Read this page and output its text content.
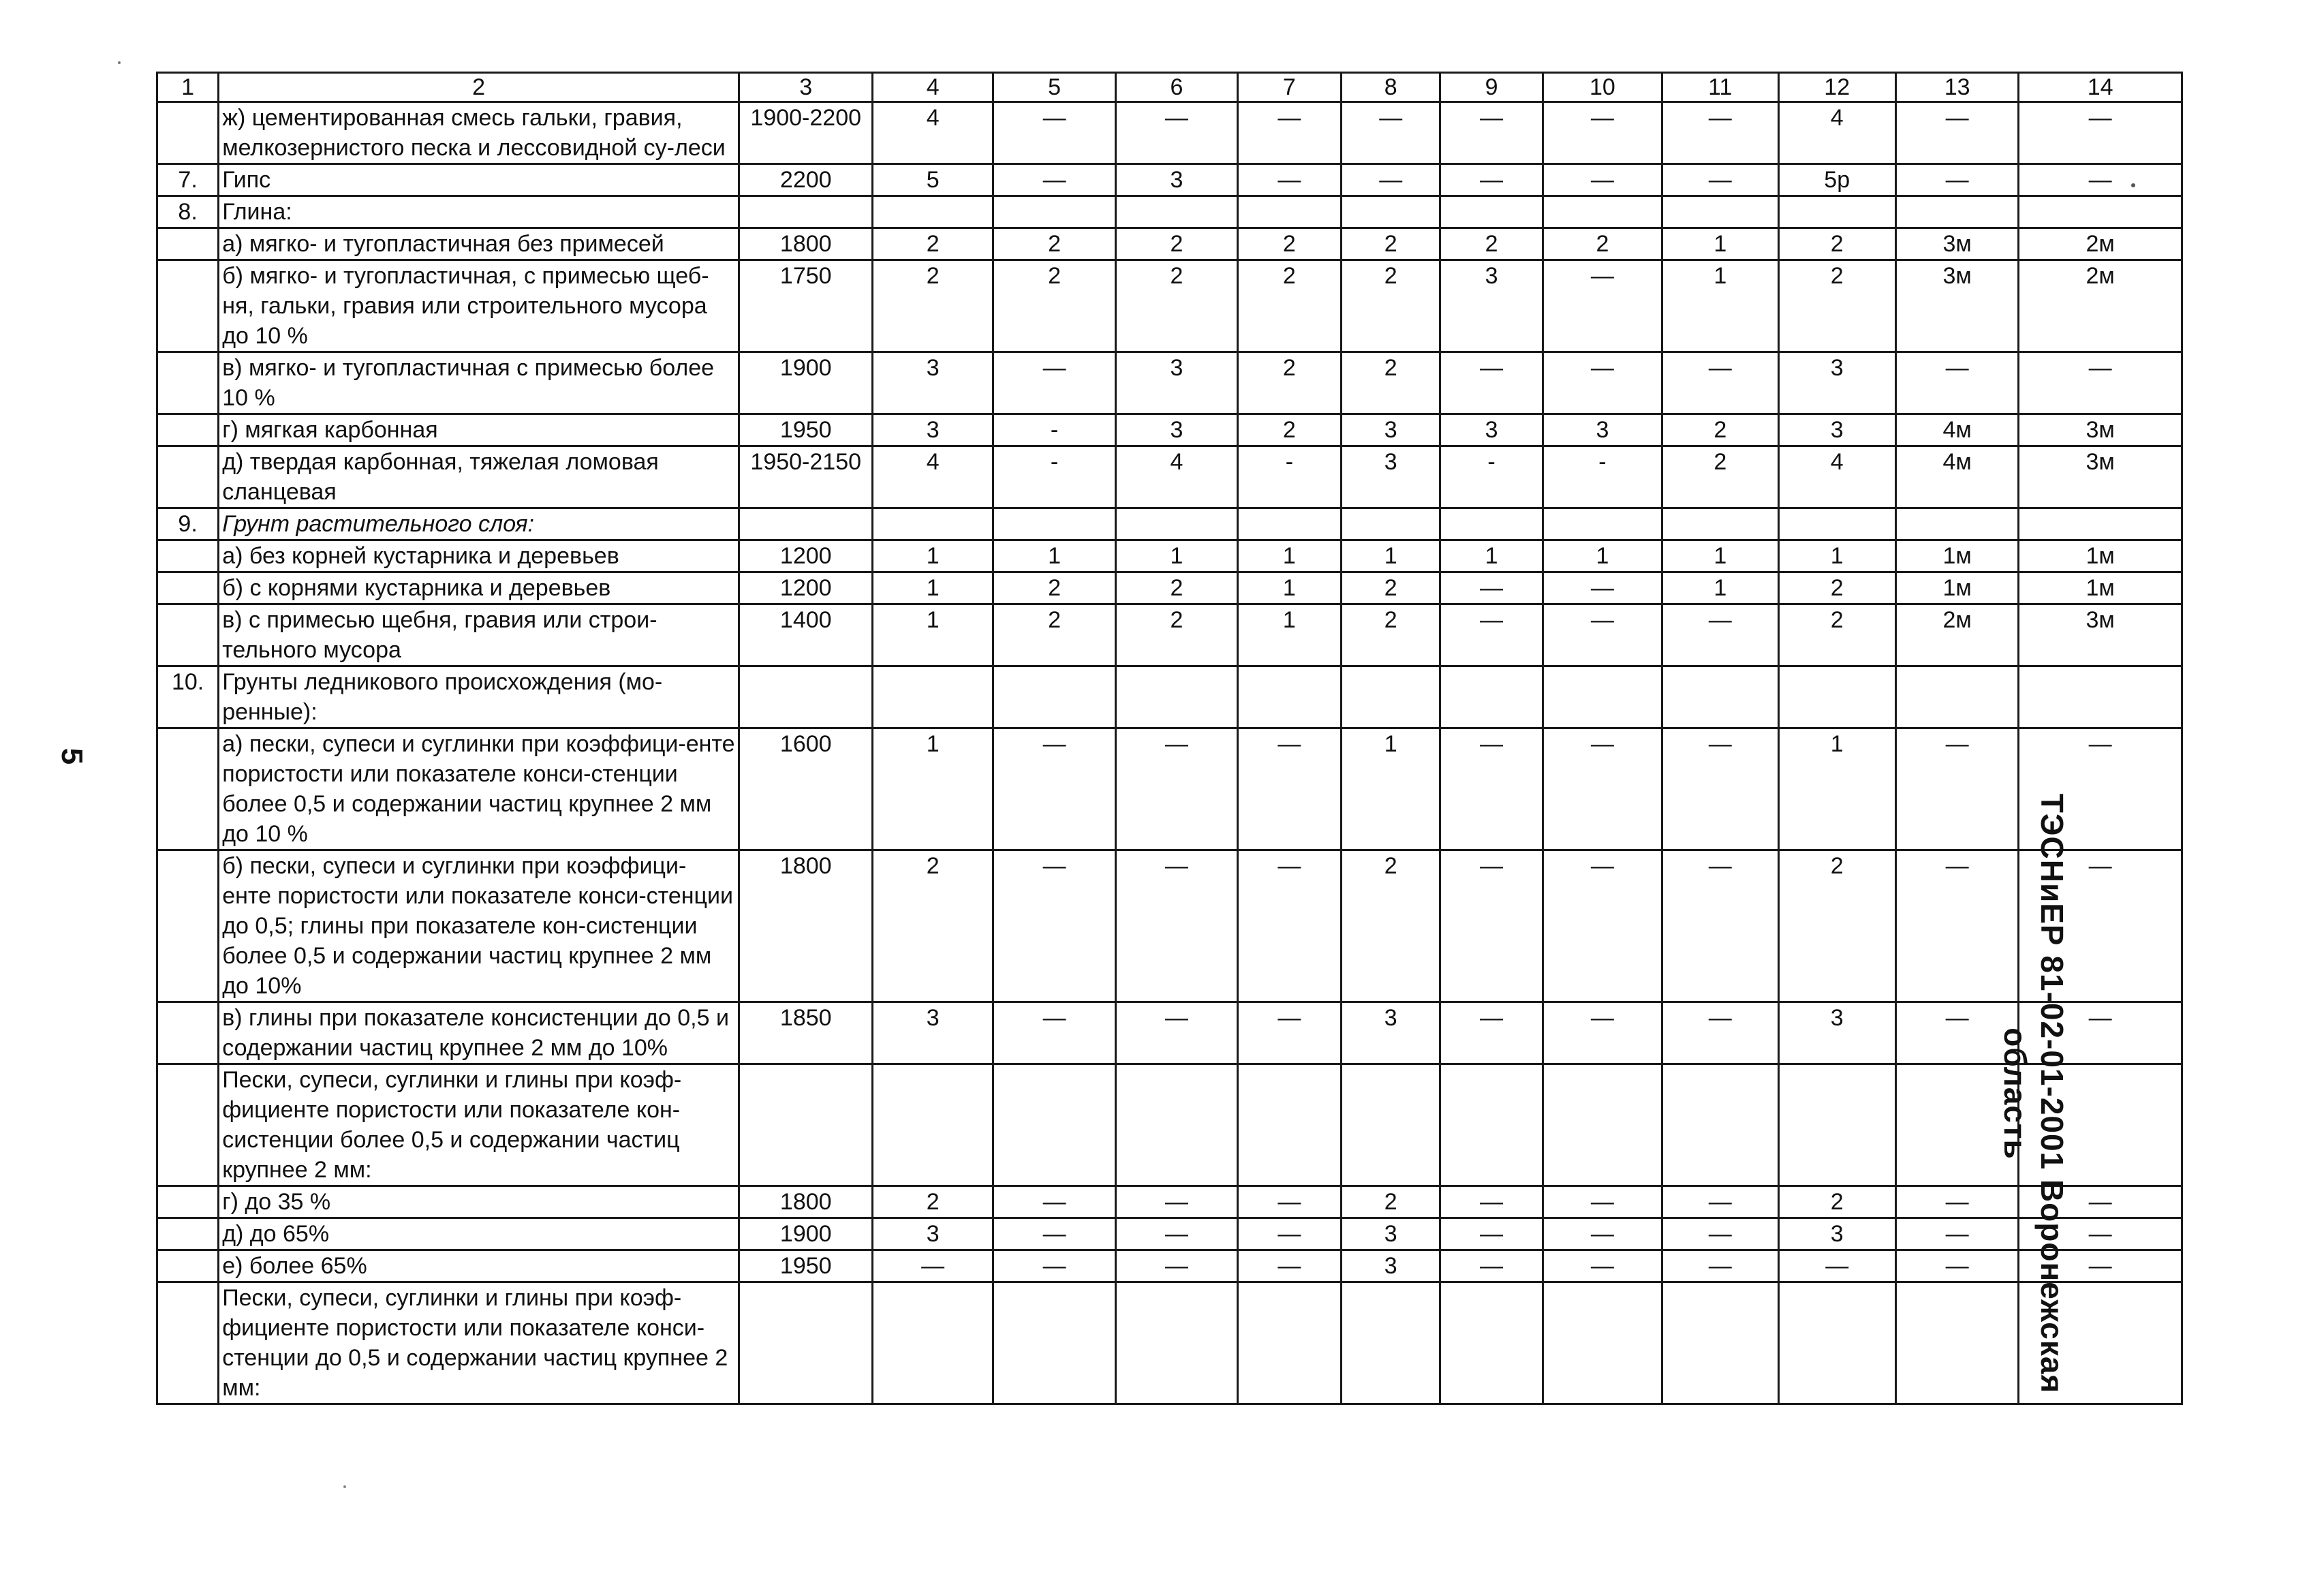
5
1	2	3	4	5	6	7	8	9	10	11	12	13	14
	ж) цементированная смесь гальки, гравия, мелкозернистого песка и лессовидной су-леси	1900-2200	4	—	—	—	—	—	—	—	4	—	—
7.	Гипс	2200	5	—	3	—	—	—	—	—	5р	—	—
8.	Глина:												
	а) мягко- и тугопластичная без примесей	1800	2	2	2	2	2	2	2	1	2	3м	2м
	б) мягко- и тугопластичная, с примесью щеб-ня, гальки, гравия или строительного мусора до 10 %	1750	2	2	2	2	2	3	—	1	2	3м	2м
	в) мягко- и тугопластичная с примесью более 10 %	1900	3	—	3	2	2	—	—	—	3	—	—
	г) мягкая карбонная	1950	3	-	3	2	3	3	3	2	3	4м	3м
	д) твердая карбонная, тяжелая ломовая сланцевая	1950-2150	4	-	4	-	3	-	-	2	4	4м	3м
9.	Грунт растительного слоя:												
	а) без корней кустарника и деревьев	1200	1	1	1	1	1	1	1	1	1	1м	1м
	б) с корнями кустарника и деревьев	1200	1	2	2	1	2	—	—	1	2	1м	1м
	в) с примесью щебня, гравия или строи-тельного мусора	1400	1	2	2	1	2	—	—	—	2	2м	3м
10.	Грунты ледникового происхождения (мо-ренные):												
	а) пески, супеси и суглинки при коэффици-енте пористости или показателе конси-стенции более 0,5 и содержании частиц крупнее 2 мм до 10 %	1600	1	—	—	—	1	—	—	—	1	—	—
	б) пески, супеси и суглинки при коэффици-енте пористости или показателе конси-стенции до 0,5; глины при показателе кон-систенции более 0,5 и содержании частиц крупнее 2 мм до 10%	1800	2	—	—	—	2	—	—	—	2	—	—
	в) глины при показателе консистенции до 0,5 и содержании частиц крупнее 2 мм до 10%	1850	3	—	—	—	3	—	—	—	3	—	—
	Пески, супеси, суглинки и глины при коэф-фициенте пористости или показателе кон-систенции более 0,5 и содержании частиц крупнее 2 мм:												
	г) до 35 %	1800	2	—	—	—	2	—	—	—	2	—	—
	д) до 65%	1900	3	—	—	—	3	—	—	—	3	—	—
	е) более 65%	1950	—	—	—	—	3	—	—	—	—	—	—
	Пески, супеси, суглинки и глины при коэф-фициенте пористости или показателе конси-стенции до 0,5 и содержании частиц крупнее 2 мм:													ТЭСНиЕР 81-02-01-2001 Воронежская область
